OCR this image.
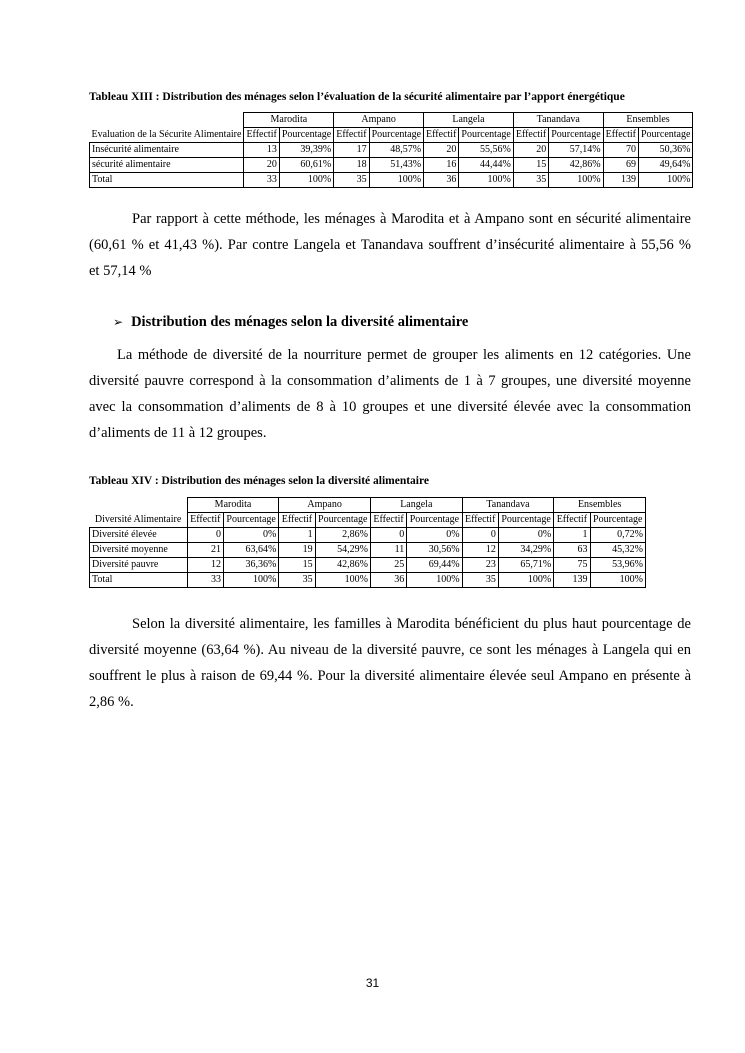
Tableau XIII : Distribution des ménages selon l’évaluation de la sécurité alimentaire par l’apport énergétique
	Marodita		Ampano		Langela		Tanandava		Ensembles	
Evaluation de la Sécurite Alimentaire	Effectif	Pourcentage	Effectif	Pourcentage	Effectif	Pourcentage	Effectif	Pourcentage	Effectif	Pourcentage
Insécurité alimentaire	13	39,39%	17	48,57%	20	55,56%	20	57,14%	70	50,36%
sécurité alimentaire	20	60,61%	18	51,43%	16	44,44%	15	42,86%	69	49,64%
Total	33	100%	35	100%	36	100%	35	100%	139	100%
Par rapport à cette méthode, les ménages à Marodita et à Ampano sont en sécurité alimentaire
(60,61 % et 41,43 %). Par contre Langela et Tanandava souffrent d’insécurité alimentaire à 55,56 %
et 57,14 %
➢ Distribution des ménages selon la diversité alimentaire
La méthode de diversité de la nourriture permet de grouper les aliments en 12 catégories. Une
diversité pauvre correspond à la consommation d’aliments de 1 à 7 groupes, une diversité moyenne
avec la consommation d’aliments de 8 à 10 groupes et une diversité élevée avec la consommation
d’aliments de 11 à 12 groupes.
Tableau XIV : Distribution des ménages selon la diversité alimentaire
	Marodita		Ampano		Langela		Tanandava		Ensembles	
Diversité Alimentaire	Effectif	Pourcentage	Effectif	Pourcentage	Effectif	Pourcentage	Effectif	Pourcentage	Effectif	Pourcentage
Diversité élevée	0	0%	1	2,86%	0	0%	0	0%	1	0,72%
Diversité moyenne	21	63,64%	19	54,29%	11	30,56%	12	34,29%	63	45,32%
Diversité pauvre	12	36,36%	15	42,86%	25	69,44%	23	65,71%	75	53,96%
Total	33	100%	35	100%	36	100%	35	100%	139	100%
Selon la diversité alimentaire, les familles à Marodita bénéficient du plus haut pourcentage de
diversité moyenne (63,64 %). Au niveau de la diversité pauvre, ce sont les ménages à Langela qui en
souffrent le plus à raison de 69,44 %. Pour la diversité alimentaire élevée seul Ampano en présente à
2,86 %.
31
